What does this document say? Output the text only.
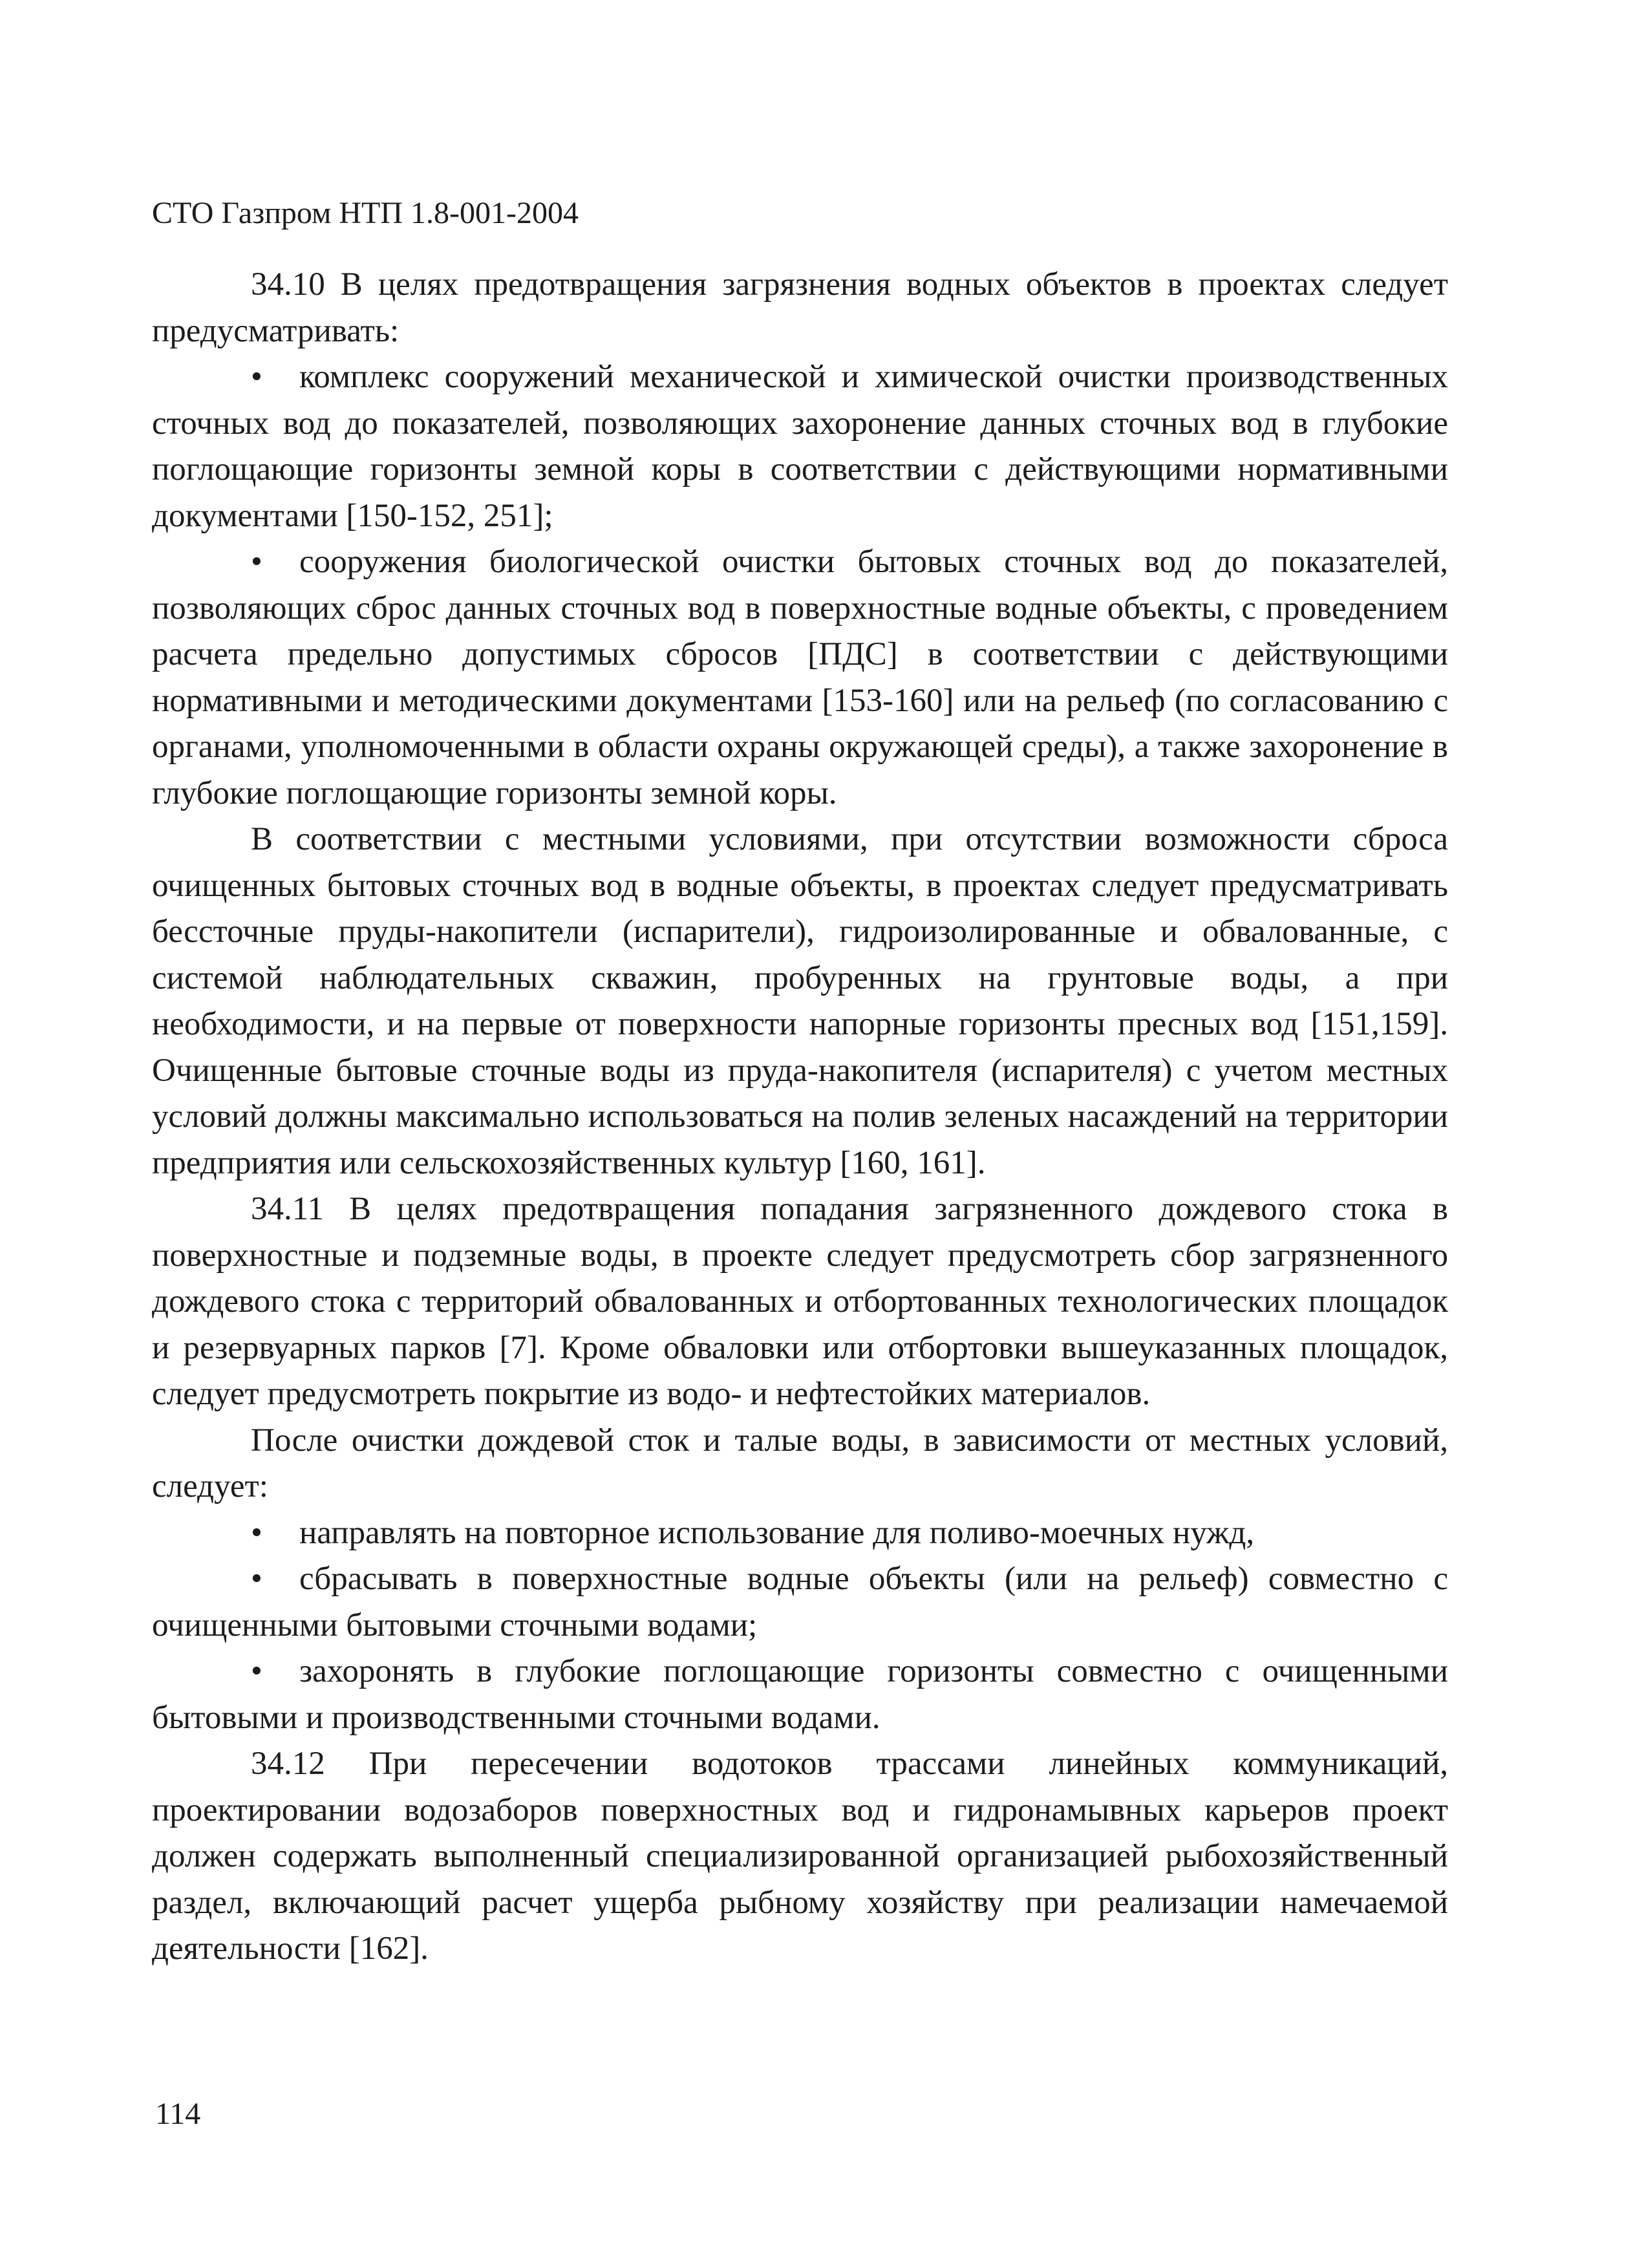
СТО Газпром НТП 1.8-001-2004

34.10 В целях предотвращения загрязнения водных объектов в проектах следует предусматривать:

• комплекс сооружений механической и химической очистки производственных сточных вод до показателей, позволяющих захоронение данных сточных вод в глубокие поглощающие горизонты земной коры в соответствии с действующими нормативными документами [150-152, 251];

• сооружения биологической очистки бытовых сточных вод до показателей, позволяющих сброс данных сточных вод в поверхностные водные объекты, с проведением расчета предельно допустимых сбросов [ПДС] в соответствии с действующими нормативными и методическими документами [153-160] или на рельеф (по согласованию с органами, уполномоченными в области охраны окружающей среды), а также захоронение в глубокие поглощающие горизонты земной коры.

В соответствии с местными условиями, при отсутствии возможности сброса очищенных бытовых сточных вод в водные объекты, в проектах следует предусматривать бессточные пруды-накопители (испарители), гидроизолированные и обвалованные, с системой наблюдательных скважин, пробуренных на грунтовые воды, а при необходимости, и на первые от поверхности напорные горизонты пресных вод [151,159]. Очищенные бытовые сточные воды из пруда-накопителя (испарителя) с учетом местных условий должны максимально использоваться на полив зеленых насаждений на территории предприятия или сельскохозяйственных культур [160, 161].

34.11 В целях предотвращения попадания загрязненного дождевого стока в поверхностные и подземные воды, в проекте следует предусмотреть сбор загрязненного дождевого стока с территорий обвалованных и отбортованных технологических площадок и резервуарных парков [7]. Кроме обваловки или отбортовки вышеуказанных площадок, следует предусмотреть покрытие из водо- и нефтестойких материалов.

После очистки дождевой сток и талые воды, в зависимости от местных условий, следует:

• направлять на повторное использование для поливо-моечных нужд,

• сбрасывать в поверхностные водные объекты (или на рельеф) совместно с очищенными бытовыми сточными водами;

• захоронять в глубокие поглощающие горизонты совместно с очищенными бытовыми и производственными сточными водами.

34.12 При пересечении водотоков трассами линейных коммуникаций, проектировании водозаборов поверхностных вод и гидронамывных карьеров проект должен содержать выполненный специализированной организацией рыбохозяйственный раздел, включающий расчет ущерба рыбному хозяйству при реализации намечаемой деятельности [162].

114
